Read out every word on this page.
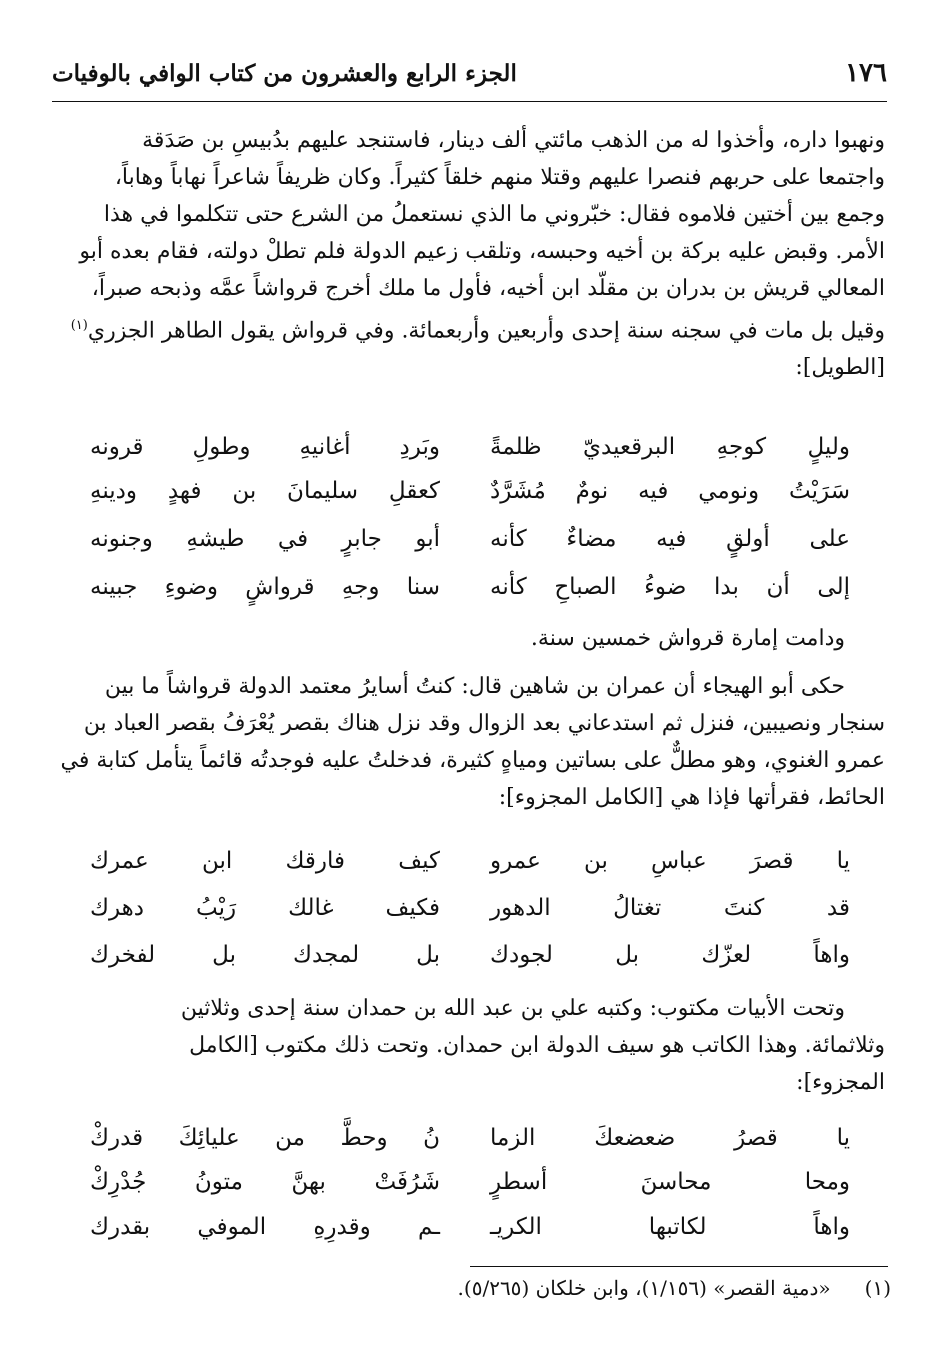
الجزء الرابع والعشرون من كتاب الوافي بالوفيات	١٧٦
ونهبوا داره، وأخذوا له من الذهب مائتي ألف دينار، فاستنجد عليهم بدُبيسِ بن صَدَقة
واجتمعا على حربهم فنصرا عليهم وقتلا منهم خلقاً كثيراً. وكان ظريفاً شاعراً نهاباً وهاباً،
وجمع بين أختين فلاموه فقال: خبّروني ما الذي نستعملُ من الشرع حتى تتكلموا في هذا
الأمر. وقبض عليه بركة بن أخيه وحبسه، وتلقب زعيم الدولة فلم تطلْ دولته، فقام بعده أبو
المعالي قريش بن بدران بن مقلّد ابن أخيه، فأول ما ملك أخرج قرواشاً عمَّه وذبحه صبراً،
وقيل بل مات في سجنه سنة إحدى وأربعين وأربعمائة. وفي قرواش يقول الطاهر الجزري$^{(١)}$
[الطويل]:
وليلٍ كوجهِ البرقعيديّ ظلمةً
وبَردِ أغانيهِ وطولِ قرونه
سَرَيْتُ ونومي فيه نومٌ مُشَرَّدٌ
كعقلِ سليمانَ بن فهدٍ ودينهِ
على أولقٍ فيه مضاءٌ كأنه
أبو جابرٍ في طيشهِ وجنونه
إلى أن بدا ضوءُ الصباحِ كأنه
سنا وجهِ قرواشٍ وضوءِ جبينه
ودامت إمارة قرواش خمسين سنة.
حكى أبو الهيجاء أن عمران بن شاهين قال: كنتُ أسايرُ معتمد الدولة قرواشاً ما بين
سنجار ونصيبين، فنزل ثم استدعاني بعد الزوال وقد نزل هناك بقصر يُعْرَفُ بقصر العباد بن
عمرو الغنوي، وهو مطلٌّ على بساتين ومياهٍ كثيرة، فدخلتُ عليه فوجدتُه قائماً يتأمل كتابة في
الحائط، فقرأتها فإذا هي [الكامل المجزوء]:
يا قصرَ عباسِ بن عمرو
كيف فارقك ابن عمرك
قد كنتَ تغتالُ الدهور
فكيف غالك رَيْبُ دهرك
واهاً لعزّك بل لجودك
بل لمجدك بل لفخرك
وتحت الأبيات مكتوب: وكتبه علي بن عبد الله بن حمدان سنة إحدى وثلاثين
وثلاثمائة. وهذا الكاتب هو سيف الدولة ابن حمدان. وتحت ذلك مكتوب [الكامل
المجزوء]:
يا قصرُ ضعضعكَ الزما
نُ وحطَّ من عليائِكَ قدركْ
ومحا محاسنَ أسطرٍ
شَرُفَتْ بهنَّ متونُ جُدْرِكْ
واهاً لكاتبها الكريـ
ـم وقدرِهِ الموفي بقدرك
(١)«دمية القصر» (١/١٥٦)، وابن خلكان (٥/٢٦٥).
